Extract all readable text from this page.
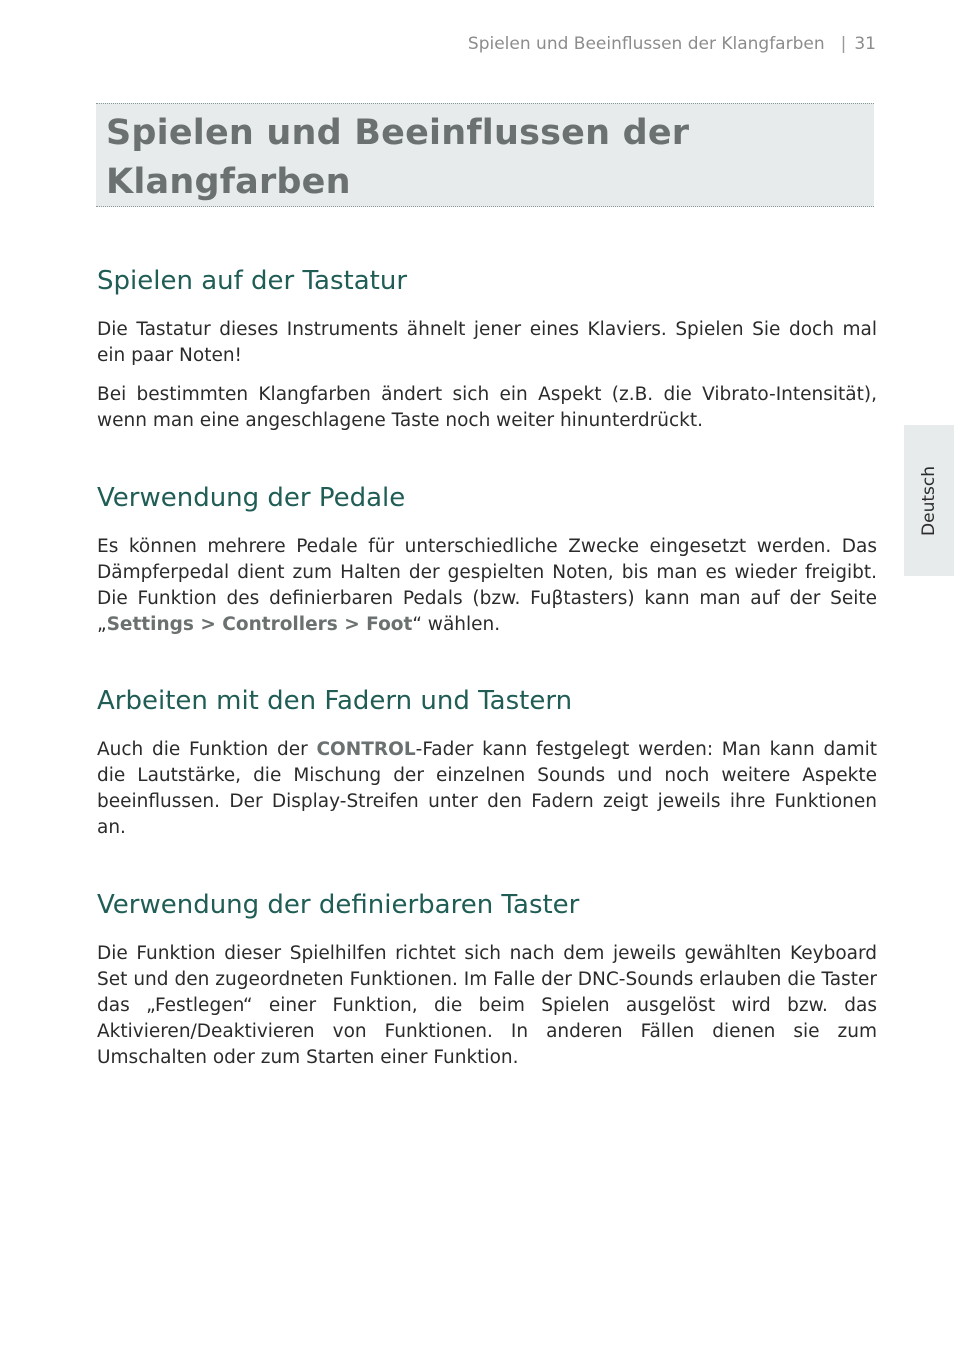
Spielen und Beeinflussen der Klangfarben | 31
Spielen und Beeinflussen der Klangfarben
Deutsch
Spielen auf der Tastatur

Die Tastatur dieses Instruments ähnelt jener eines Klaviers. Spielen Sie doch mal ein paar Noten!

Bei bestimmten Klangfarben ändert sich ein Aspekt (z.B. die Vibrato-Intensität), wenn man eine angeschlagene Taste noch weiter hinunterdrückt.

Verwendung der Pedale

Es können mehrere Pedale für unterschiedliche Zwecke eingesetzt werden. Das Dämpferpedal dient zum Halten der gespielten Noten, bis man es wieder freigibt. Die Funktion des definierbaren Pedals (bzw. Fuβtasters) kann man auf der Seite „Settings > Controllers > Foot“ wählen.

Arbeiten mit den Fadern und Tastern

Auch die Funktion der CONTROL-Fader kann festgelegt werden: Man kann damit die Lautstärke, die Mischung der einzelnen Sounds und noch weitere Aspekte beeinflussen. Der Display-Streifen unter den Fadern zeigt jeweils ihre Funktionen an.

Verwendung der definierbaren Taster

Die Funktion dieser Spielhilfen richtet sich nach dem jeweils gewählten Keyboard Set und den zugeordneten Funktionen. Im Falle der DNC-Sounds erlauben die Taster das „Festlegen“ einer Funktion, die beim Spielen ausgelöst wird bzw. das Aktivieren/Deaktivieren von Funktionen. In anderen Fällen dienen sie zum Umschalten oder zum Starten einer Funktion.
